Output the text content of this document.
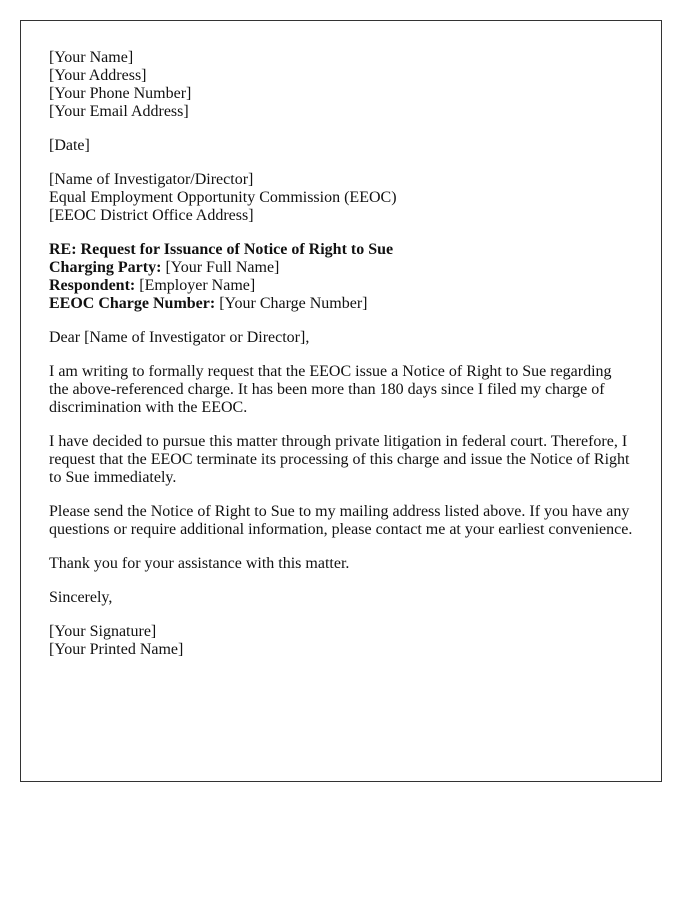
[Your Name]
[Your Address]
[Your Phone Number]
[Your Email Address]

[Date]

[Name of Investigator/Director]
Equal Employment Opportunity Commission (EEOC)
[EEOC District Office Address]

RE: Request for Issuance of Notice of Right to Sue
Charging Party: [Your Full Name]
Respondent: [Employer Name]
EEOC Charge Number: [Your Charge Number]

Dear [Name of Investigator or Director],

I am writing to formally request that the EEOC issue a Notice of Right to Sue regarding the above-referenced charge. It has been more than 180 days since I filed my charge of discrimination with the EEOC.

I have decided to pursue this matter through private litigation in federal court. Therefore, I request that the EEOC terminate its processing of this charge and issue the Notice of Right to Sue immediately.

Please send the Notice of Right to Sue to my mailing address listed above. If you have any questions or require additional information, please contact me at your earliest convenience.

Thank you for your assistance with this matter.

Sincerely,

[Your Signature]
[Your Printed Name]
